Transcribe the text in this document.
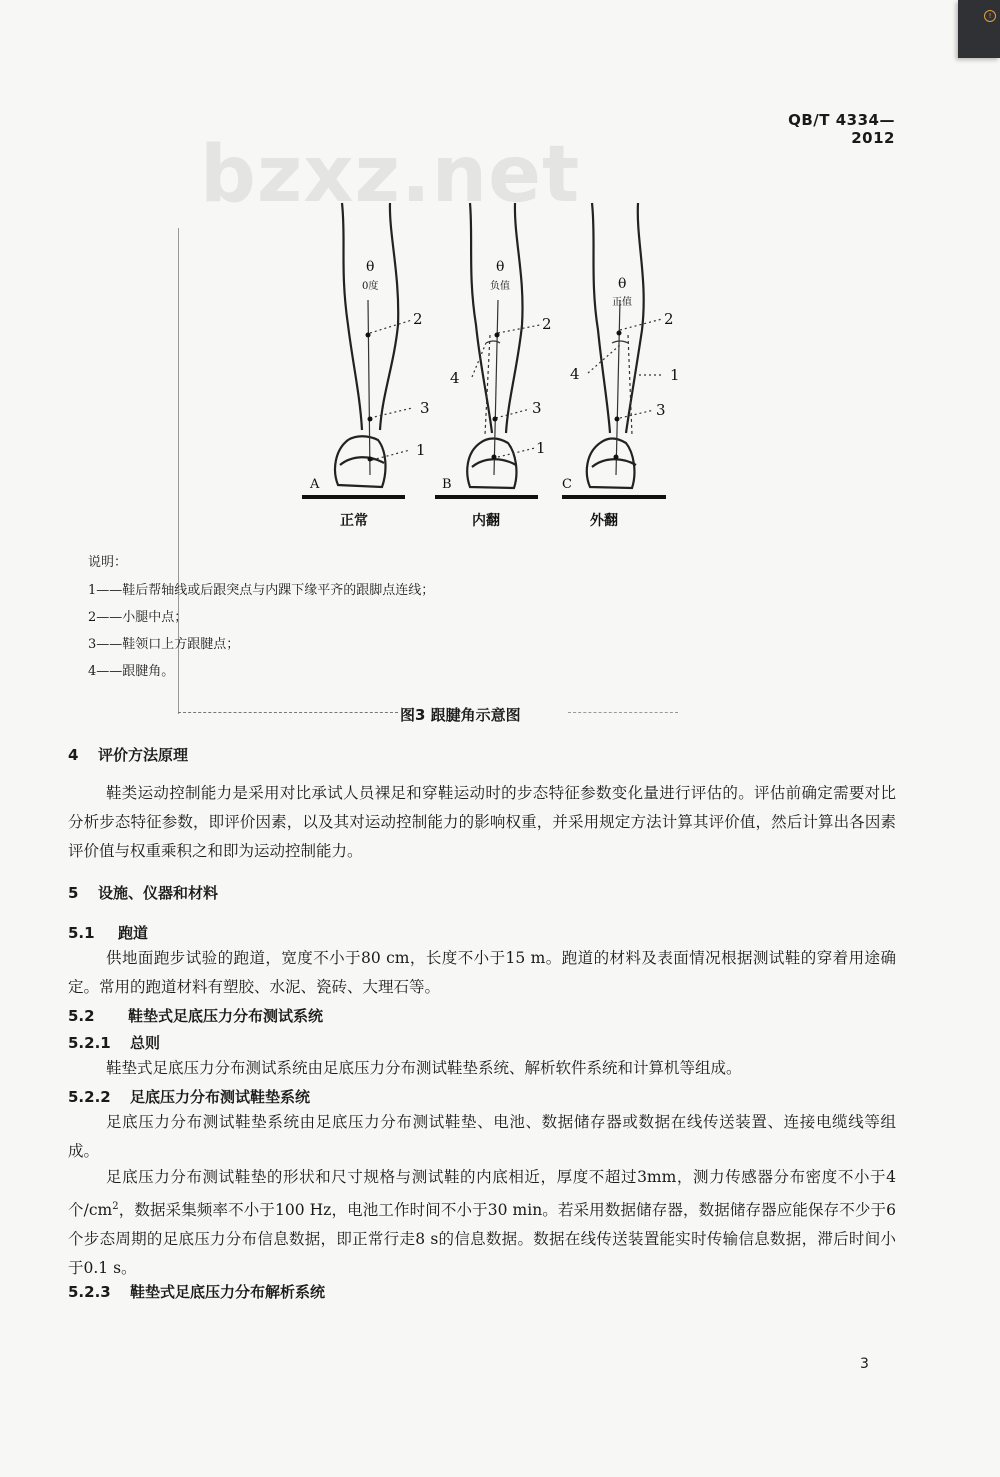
!
QB/T 4334—2012
bzxz.net
θ
0度
2
3
1
A
正常
θ
负值
2
4
3
1
B
内翻
θ
正值
2
4	1
3
C
外翻
说明：
1——鞋后帮轴线或后跟突点与内踝下缘平齐的跟脚点连线；
2——小腿中点；
3——鞋领口上方跟腱点；
4——跟腱角。
图3 跟腱角示意图
4 评价方法原理
鞋类运动控制能力是采用对比承试人员裸足和穿鞋运动时的步态特征参数变化量进行评估的。评估前确定需要对比分析步态特征参数，即评价因素，以及其对运动控制能力的影响权重，并采用规定方法计算其评价值，然后计算出各因素评价值与权重乘积之和即为运动控制能力。
5 设施、仪器和材料
5.1 跑道
供地面跑步试验的跑道，宽度不小于80 cm，长度不小于15 m。跑道的材料及表面情况根据测试鞋的穿着用途确定。常用的跑道材料有塑胶、水泥、瓷砖、大理石等。
5.2 鞋垫式足底压力分布测试系统
5.2.1 总则
鞋垫式足底压力分布测试系统由足底压力分布测试鞋垫系统、解析软件系统和计算机等组成。
5.2.2 足底压力分布测试鞋垫系统
足底压力分布测试鞋垫系统由足底压力分布测试鞋垫、电池、数据储存器或数据在线传送装置、连接电缆线等组成。
足底压力分布测试鞋垫的形状和尺寸规格与测试鞋的内底相近，厚度不超过3mm，测力传感器分布密度不小于4个$/cm^2$，数据采集频率不小于100 Hz，电池工作时间不小于30 min。若采用数据储存器，数据储存器应能保存不少于6个步态周期的足底压力分布信息数据，即正常行走8 s的信息数据。数据在线传送装置能实时传输信息数据，滞后时间小于0.1 s。
5.2.3 鞋垫式足底压力分布解析系统
3
